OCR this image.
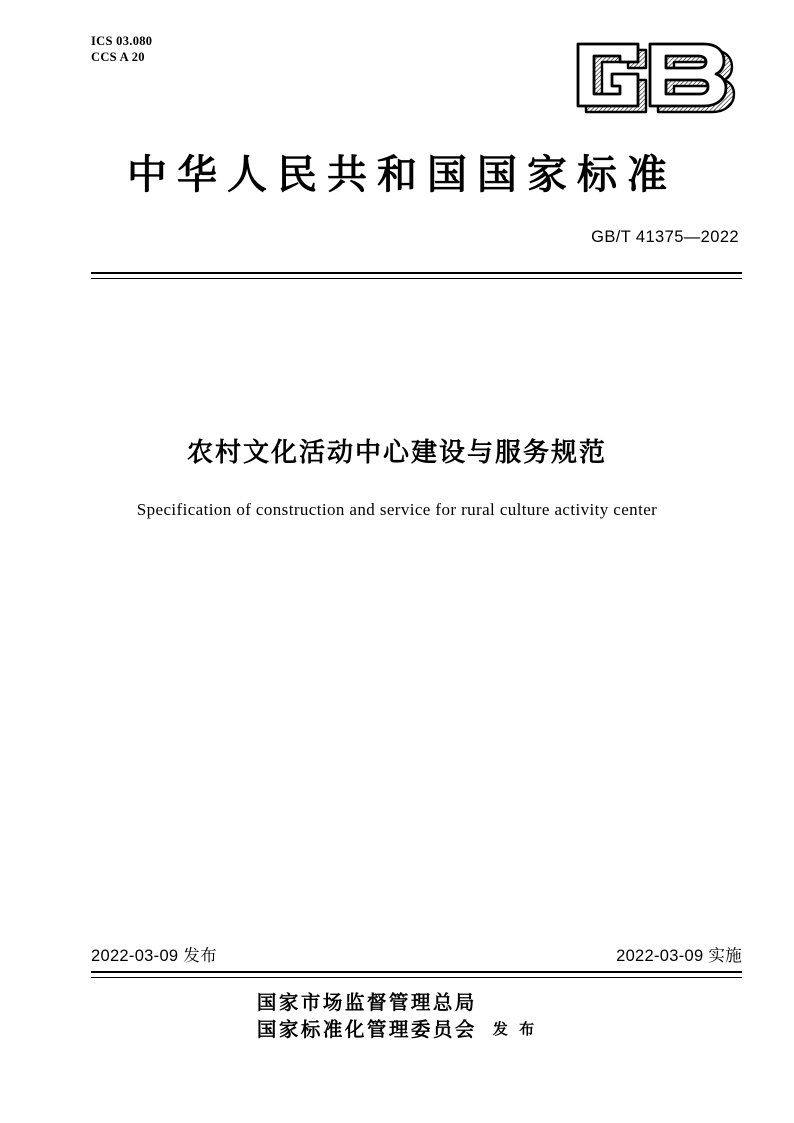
ICS 03.080
CCS A 20
中华人民共和国国家标准
GB/T 41375—2022
农村文化活动中心建设与服务规范
Specification of construction and service for rural culture activity center
2022-03-09 发布	2022-03-09 实施
国家市场监督管理总局
国家标准化管理委员会 发 布
